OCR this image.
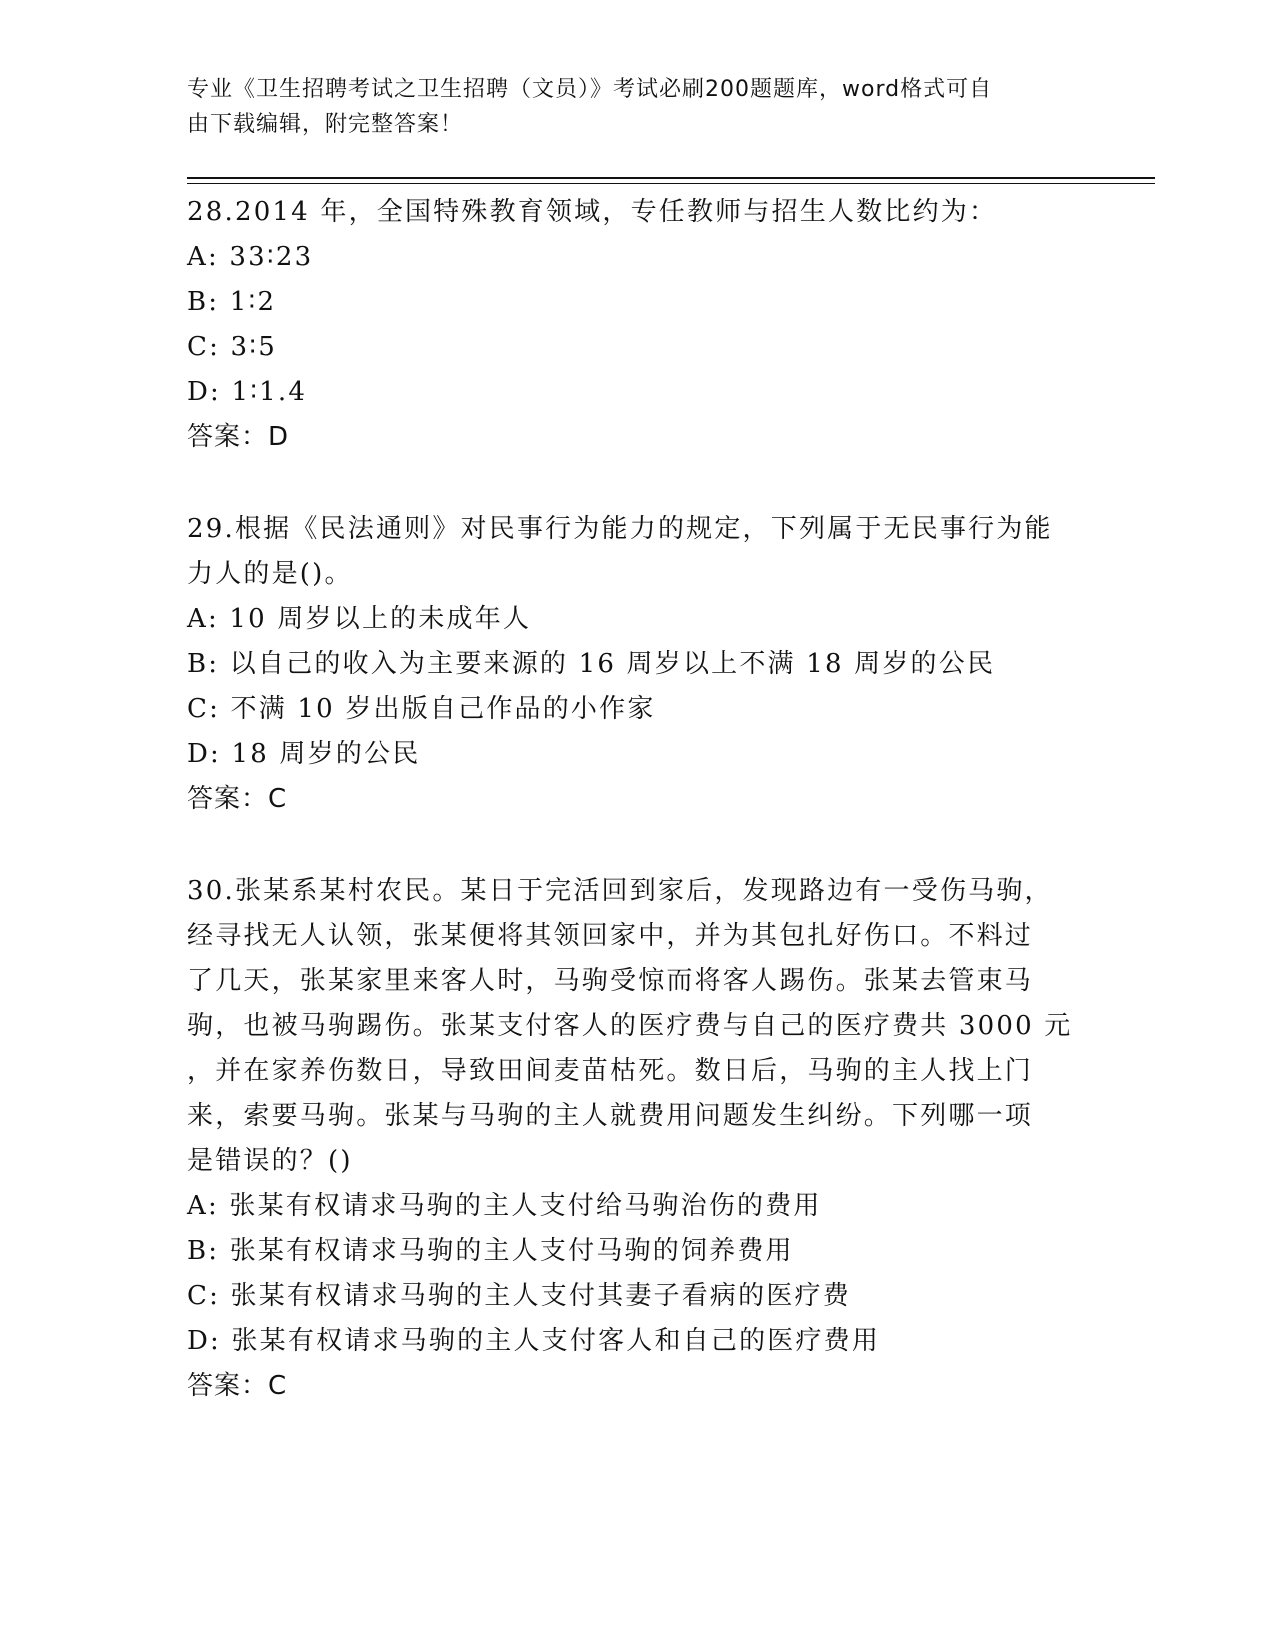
专业《卫生招聘考试之卫生招聘（文员）》考试必刷200题题库，word格式可自
由下载编辑，附完整答案！
28.2014 年，全国特殊教育领域，专任教师与招生人数比约为：
A: 33∶23
B: 1∶2
C: 3∶5
D: 1∶1.4
答案：D
29.根据《民法通则》对民事行为能力的规定，下列属于无民事行为能
力人的是()。
A: 10 周岁以上的未成年人
B: 以自己的收入为主要来源的 16 周岁以上不满 18 周岁的公民
C: 不满 10 岁出版自己作品的小作家
D: 18 周岁的公民
答案：C
30.张某系某村农民。某日于完活回到家后，发现路边有一受伤马驹，
经寻找无人认领，张某便将其领回家中，并为其包扎好伤口。不料过
了几天，张某家里来客人时，马驹受惊而将客人踢伤。张某去管束马
驹，也被马驹踢伤。张某支付客人的医疗费与自己的医疗费共 3000 元
，并在家养伤数日，导致田间麦苗枯死。数日后，马驹的主人找上门
来，索要马驹。张某与马驹的主人就费用问题发生纠纷。下列哪一项
是错误的？()
A: 张某有权请求马驹的主人支付给马驹治伤的费用
B: 张某有权请求马驹的主人支付马驹的饲养费用
C: 张某有权请求马驹的主人支付其妻子看病的医疗费
D: 张某有权请求马驹的主人支付客人和自己的医疗费用
答案：C
